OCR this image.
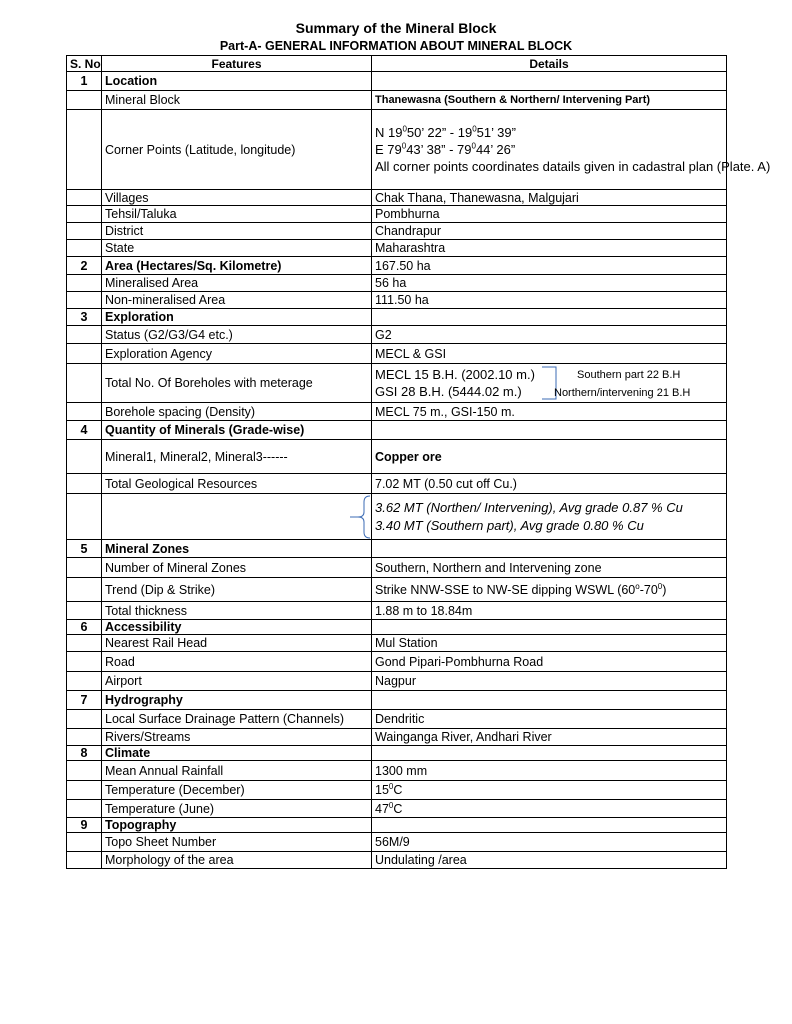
Summary of the Mineral Block
Part-A- GENERAL INFORMATION ABOUT MINERAL BLOCK
S. No	Features	Details
1	Location	
	Mineral Block	Thanewasna (Southern & Northern/ Intervening Part)
	Corner Points (Latitude, longitude)	N $19^050$’ 22” - $19^051$’ 39”
E $79^043$’ 38” - $79^044$’ 26”
All corner points coordinates datails given in cadastral plan (Plate. A)
	Villages	Chak Thana, Thanewasna, Malgujari
	Tehsil/Taluka	Pombhurna
	District	Chandrapur
	State	Maharashtra
2	Area (Hectares/Sq. Kilometre)	167.50 ha
	Mineralised Area	56 ha
	Non-mineralised Area	111.50 ha
3	Exploration	
	Status (G2/G3/G4 etc.)	G2
	Exploration Agency	MECL & GSI
	Total No. Of Boreholes with meterage	MECL 15 B.H. (2002.10 m.)
GSI 28 B.H. (5444.02 m.)
Southern part 22 B.H
Northern/intervening 21 B.H

	Borehole spacing (Density)	MECL 75 m., GSI-150 m.
4	Quantity of Minerals (Grade-wise)	
	Mineral1, Mineral2, Mineral3------	Copper ore
	Total Geological Resources	7.02 MT (0.50 cut off Cu.)

	3.62 MT (Northen/ Intervening), Avg grade 0.87 % Cu
3.40 MT (Southern part), Avg grade 0.80 % Cu
5	Mineral Zones	
	Number of Mineral Zones	Southern, Northern and Intervening zone
	Trend (Dip & Strike)	Strike NNW-SSE to NW-SE dipping WSWL $(60^o-70^0)$
	Total thickness	1.88 m to 18.84m
6	Accessibility	
	Nearest Rail Head	Mul Station
	Road	Gond Pipari-Pombhurna Road
	Airport	Nagpur
7	Hydrography	
	Local Surface Drainage Pattern (Channels)	Dendritic
	Rivers/Streams	Wainganga River, Andhari River
8	Climate	
	Mean Annual Rainfall	1300 mm
	Temperature (December)	$15^0C$
	Temperature (June)	$47^0C$
9	Topography	
	Topo Sheet Number	56M/9
	Morphology of the area	Undulating /area
